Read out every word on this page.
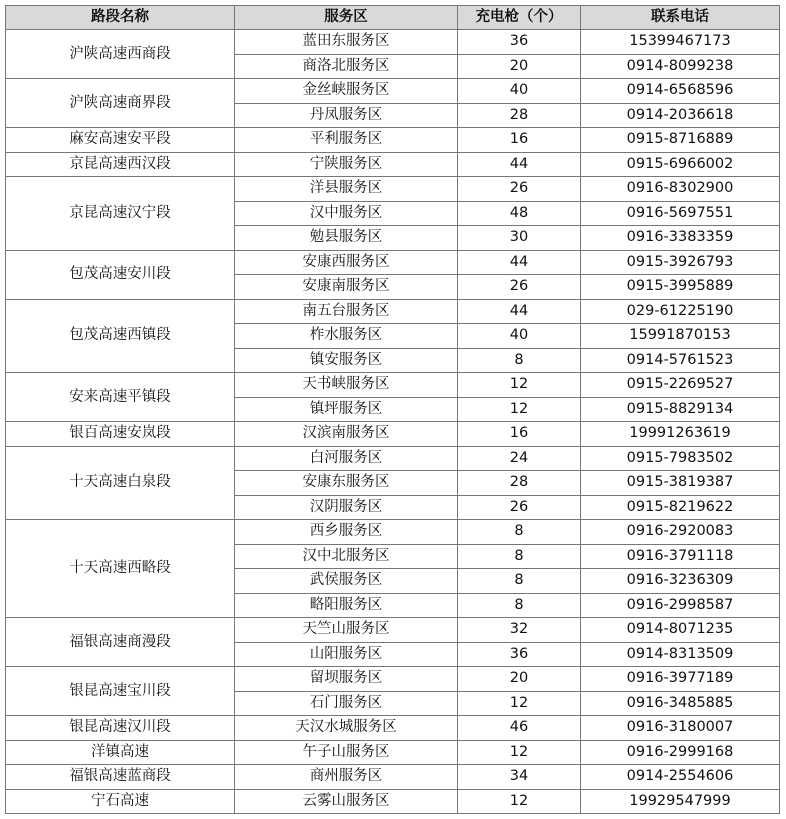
路段名称	服务区	充电枪（个）	联系电话
沪陕高速西商段	蓝田东服务区	36	15399467173
	商洛北服务区	20	0914-8099238
沪陕高速商界段	金丝峡服务区	40	0914-6568596
	丹凤服务区	28	0914-2036618
麻安高速安平段	平利服务区	16	0915-8716889
京昆高速西汉段	宁陕服务区	44	0915-6966002
京昆高速汉宁段	洋县服务区	26	0916-8302900
	汉中服务区	48	0916-5697551
	勉县服务区	30	0916-3383359
包茂高速安川段	安康西服务区	44	0915-3926793
	安康南服务区	26	0915-3995889
包茂高速西镇段	南五台服务区	44	029-61225190
	柞水服务区	40	15991870153
	镇安服务区	8	0914-5761523
安来高速平镇段	天书峡服务区	12	0915-2269527
	镇坪服务区	12	0915-8829134
银百高速安岚段	汉滨南服务区	16	19991263619
十天高速白泉段	白河服务区	24	0915-7983502
	安康东服务区	28	0915-3819387
	汉阴服务区	26	0915-8219622
十天高速西略段	西乡服务区	8	0916-2920083
	汉中北服务区	8	0916-3791118
	武侯服务区	8	0916-3236309
	略阳服务区	8	0916-2998587
福银高速商漫段	天竺山服务区	32	0914-8071235
	山阳服务区	36	0914-8313509
银昆高速宝川段	留坝服务区	20	0916-3977189
	石门服务区	12	0916-3485885
银昆高速汉川段	天汉水城服务区	46	0916-3180007
洋镇高速	午子山服务区	12	0916-2999168
福银高速蓝商段	商州服务区	34	0914-2554606
宁石高速	云雾山服务区	12	19929547999
